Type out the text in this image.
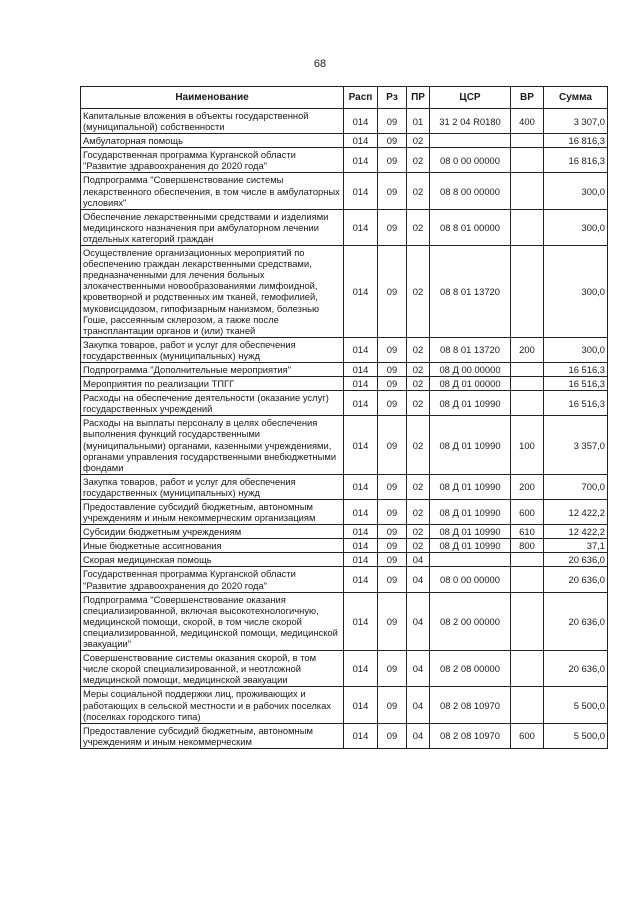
68
Наименование	Расп	Рз	ПР	ЦСР	ВР	Сумма
Капитальные вложения в объекты государственной (муниципальной) собственности	014	09	01	31 2 04 R0180	400	3 307,0
Амбулаторная помощь	014	09	02			16 816,3
Государственная программа Курганской области "Развитие здравоохранения до 2020 года"	014	09	02	08 0 00 00000		16 816,3
Подпрограмма "Совершенствование системы лекарственного обеспечения, в том числе в амбулаторных условиях"	014	09	02	08 8 00 00000		300,0
Обеспечение лекарственными средствами и изделиями медицинского назначения при амбулаторном лечении отдельных категорий граждан	014	09	02	08 8 01 00000		300,0
Осуществление организационных мероприятий по обеспечению граждан лекарственными средствами, предназначенными для лечения больных злокачественными новообразованиями лимфоидной, кроветворной и родственных им тканей, гемофилией, муковисцидозом, гипофизарным нанизмом, болезнью Гоше, рассеянным склерозом, а также после трансплантации органов и (или) тканей	014	09	02	08 8 01 13720		300,0
Закупка товаров, работ и услуг для обеспечения государственных (муниципальных) нужд	014	09	02	08 8 01 13720	200	300,0
Подпрограмма "Дополнительные мероприятия"	014	09	02	08 Д 00 00000		16 516,3
Мероприятия по реализации ТПГГ	014	09	02	08 Д 01 00000		16 516,3
Расходы на обеспечение деятельности (оказание услуг) государственных учреждений	014	09	02	08 Д 01 10990		16 516,3
Расходы на выплаты персоналу в целях обеспечения выполнения функций государственными (муниципальными) органами, казенными учреждениями, органами управления государственными внебюджетными фондами	014	09	02	08 Д 01 10990	100	3 357,0
Закупка товаров, работ и услуг для обеспечения государственных (муниципальных) нужд	014	09	02	08 Д 01 10990	200	700,0
Предоставление субсидий бюджетным, автономным учреждениям и иным некоммерческим организациям	014	09	02	08 Д 01 10990	600	12 422,2
Субсидии бюджетным учреждениям	014	09	02	08 Д 01 10990	610	12 422,2
Иные бюджетные ассигнования	014	09	02	08 Д 01 10990	800	37,1
Скорая медицинская помощь	014	09	04			20 636,0
Государственная программа Курганской области "Развитие здравоохранения до 2020 года"	014	09	04	08 0 00 00000		20 636,0
Подпрограмма "Совершенствование оказания специализированной, включая высокотехнологичную, медицинской помощи, скорой, в том числе скорой специализированной, медицинской помощи, медицинской эвакуации"	014	09	04	08 2 00 00000		20 636,0
Совершенствование системы оказания скорой, в том числе скорой специализированной, и неотложной медицинской помощи, медицинской эвакуации	014	09	04	08 2 08 00000		20 636,0
Меры социальной поддержки лиц, проживающих и работающих в сельской местности и в рабочих поселках (поселках городского типа)	014	09	04	08 2 08 10970		5 500,0
Предоставление субсидий бюджетным, автономным учреждениям и иным некоммерческим	014	09	04	08 2 08 10970	600	5 500,0
